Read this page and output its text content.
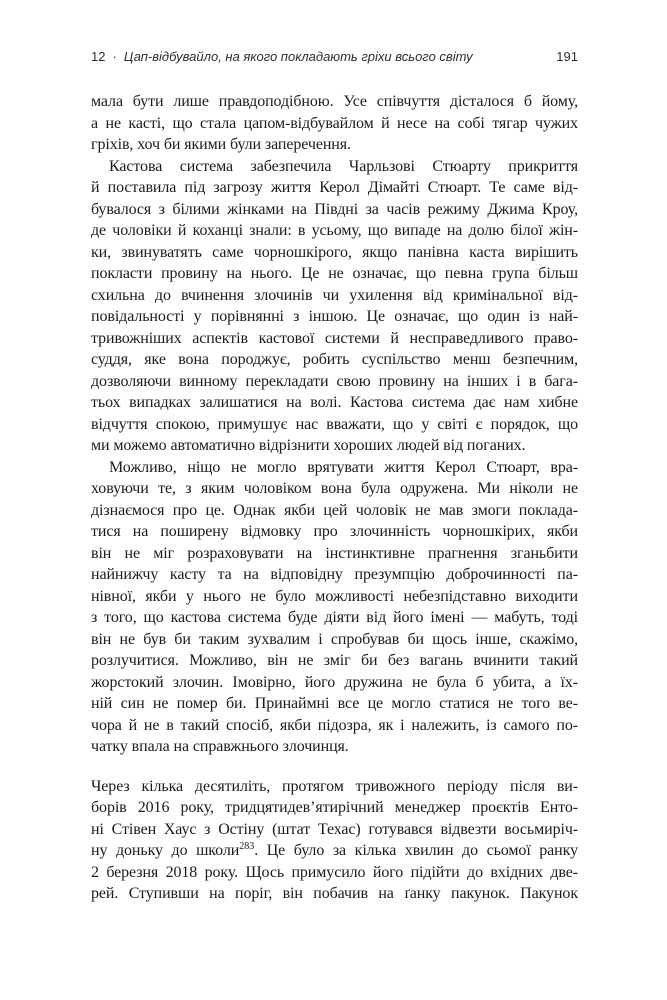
12 · Цап-відбувайло, на якого покладають гріхи всього світу	191
мала бути лише правдоподібною. Усе співчуття дісталося б йому,
а не касті, що стала цапом-відбувайлом й несе на собі тягар чужих
гріхів, хоч би якими були заперечення.
Кастова система забезпечила Чарльзові Стюарту прикриття
й поставила під загрозу життя Керол Дімайті Стюарт. Те саме від-
бувалося з білими жінками на Півдні за часів режиму Джима Кроу,
де чоловіки й коханці знали: в усьому, що випаде на долю білої жін-
ки, звинуватять саме чорношкірого, якщо панівна каста вирішить
покласти провину на нього. Це не означає, що певна група більш
схильна до вчинення злочинів чи ухилення від кримінальної від-
повідальності у порівнянні з іншою. Це означає, що один із най-
тривожніших аспектів кастової системи й несправедливого право-
суддя, яке вона породжує, робить суспільство менш безпечним,
дозволяючи винному перекладати свою провину на інших і в бага-
тьох випадках залишатися на волі. Кастова система дає нам хибне
відчуття спокою, примушує нас вважати, що у світі є порядок, що
ми можемо автоматично відрізнити хороших людей від поганих.
Можливо, ніщо не могло врятувати життя Керол Стюарт, вра-
ховуючи те, з яким чоловіком вона була одружена. Ми ніколи не
дізнаємося про це. Однак якби цей чоловік не мав змоги поклада-
тися на поширену відмовку про злочинність чорношкірих, якби
він не міг розраховувати на інстинктивне прагнення зганьбити
найнижчу касту та на відповідну презумпцію доброчинності па-
нівної, якби у нього не було можливості небезпідставно виходити
з того, що кастова система буде діяти від його імені — мабуть, тоді
він не був би таким зухвалим і спробував би щось інше, скажімо,
розлучитися. Можливо, він не зміг би без вагань вчинити такий
жорстокий злочин. Імовірно, його дружина не була б убита, а їх-
ній син не помер би. Принаймні все це могло статися не того ве-
чора й не в такий спосіб, якби підозра, як і належить, із самого по-
чатку впала на справжнього злочинця.
Через кілька десятиліть, протягом тривожного періоду після ви-
борів 2016 року, тридцятидев’ятирічний менеджер проєктів Енто-
ні Стівен Хаус з Остіну (штат Техас) готувався відвезти восьмиріч-
ну доньку до школи$^{283}$. Це було за кілька хвилин до сьомої ранку
2 березня 2018 року. Щось примусило його підійти до вхідних две-
рей. Ступивши на поріг, він побачив на ґанку пакунок. Пакунок
